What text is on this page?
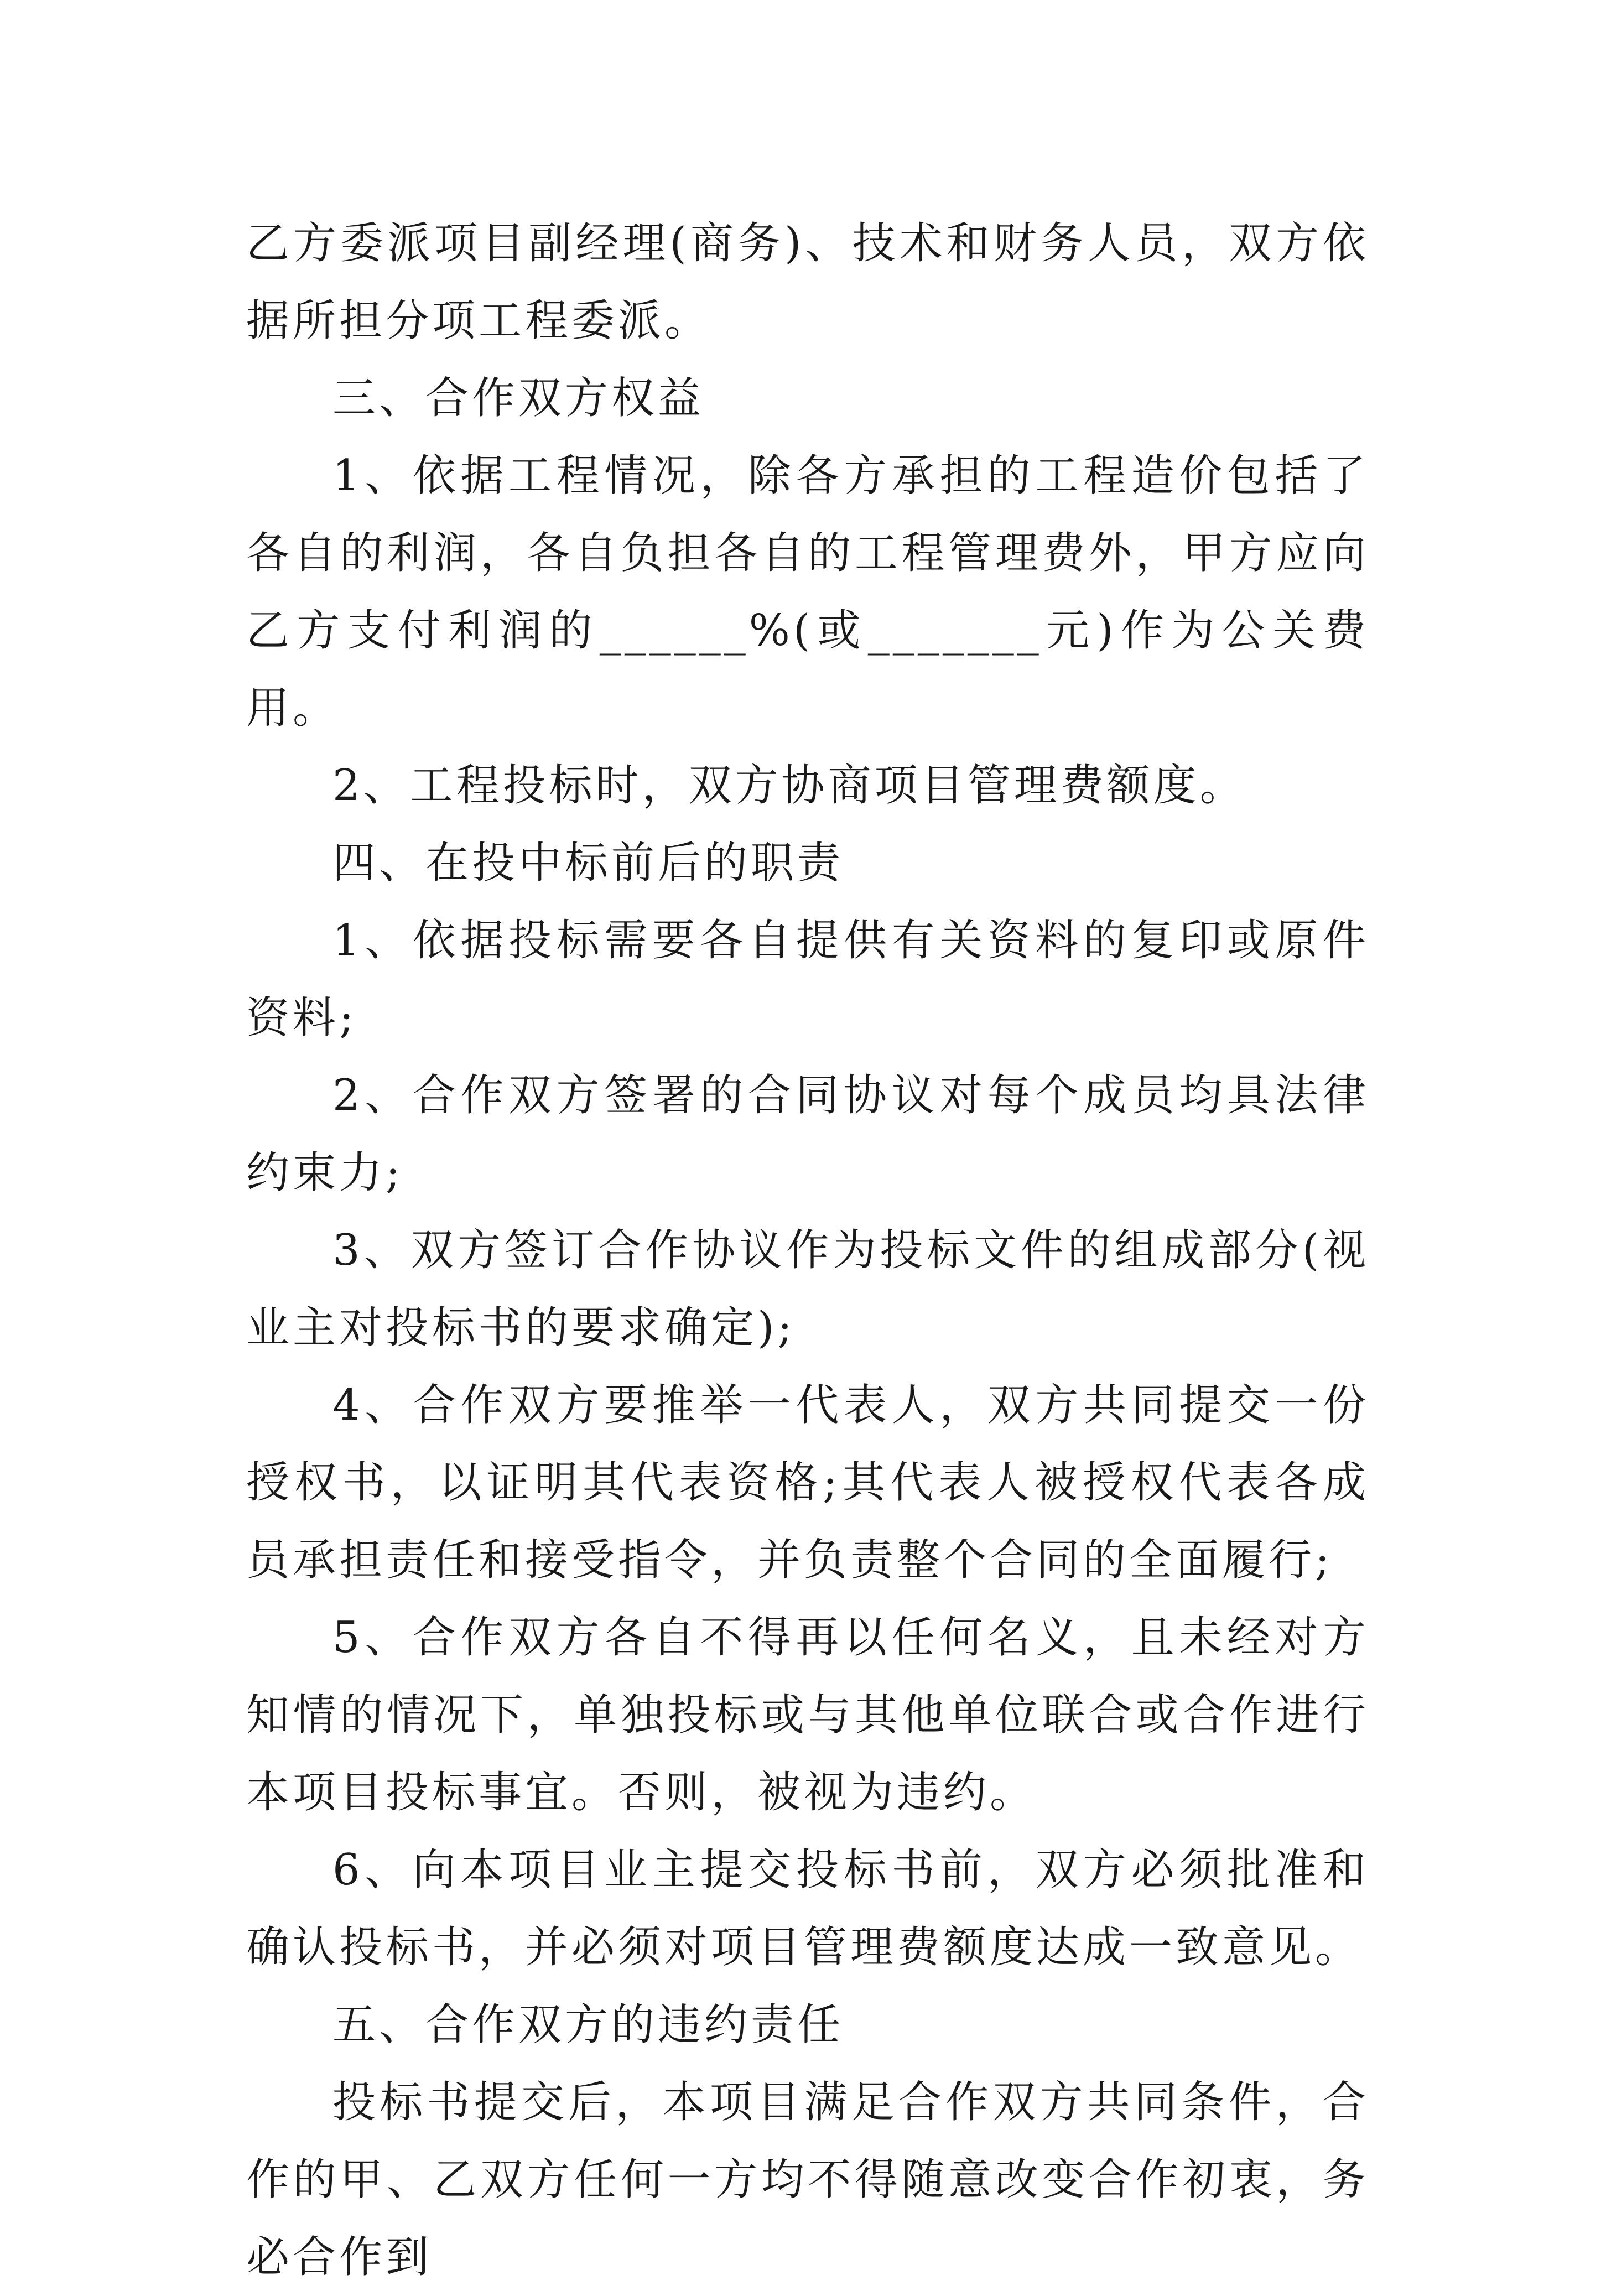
乙方委派项目副经理(商务)、技术和财务人员，双方依据所担分项工程委派。

三、合作双方权益

1、依据工程情况，除各方承担的工程造价包括了各自的利润，各自负担各自的工程管理费外，甲方应向乙方支付利润的______%(或_______元)作为公关费用。

2、工程投标时，双方协商项目管理费额度。

四、在投中标前后的职责

1、依据投标需要各自提供有关资料的复印或原件资料;

2、合作双方签署的合同协议对每个成员均具法律约束力;

3、双方签订合作协议作为投标文件的组成部分(视业主对投标书的要求确定);

4、合作双方要推举一代表人，双方共同提交一份授权书，以证明其代表资格;其代表人被授权代表各成员承担责任和接受指令，并负责整个合同的全面履行;

5、合作双方各自不得再以任何名义，且未经对方知情的情况下，单独投标或与其他单位联合或合作进行本项目投标事宜。否则，被视为违约。

6、向本项目业主提交投标书前，双方必须批准和确认投标书，并必须对项目管理费额度达成一致意见。

五、合作双方的违约责任

投标书提交后，本项目满足合作双方共同条件，合作的甲、乙双方任何一方均不得随意改变合作初衷，务必合作到
